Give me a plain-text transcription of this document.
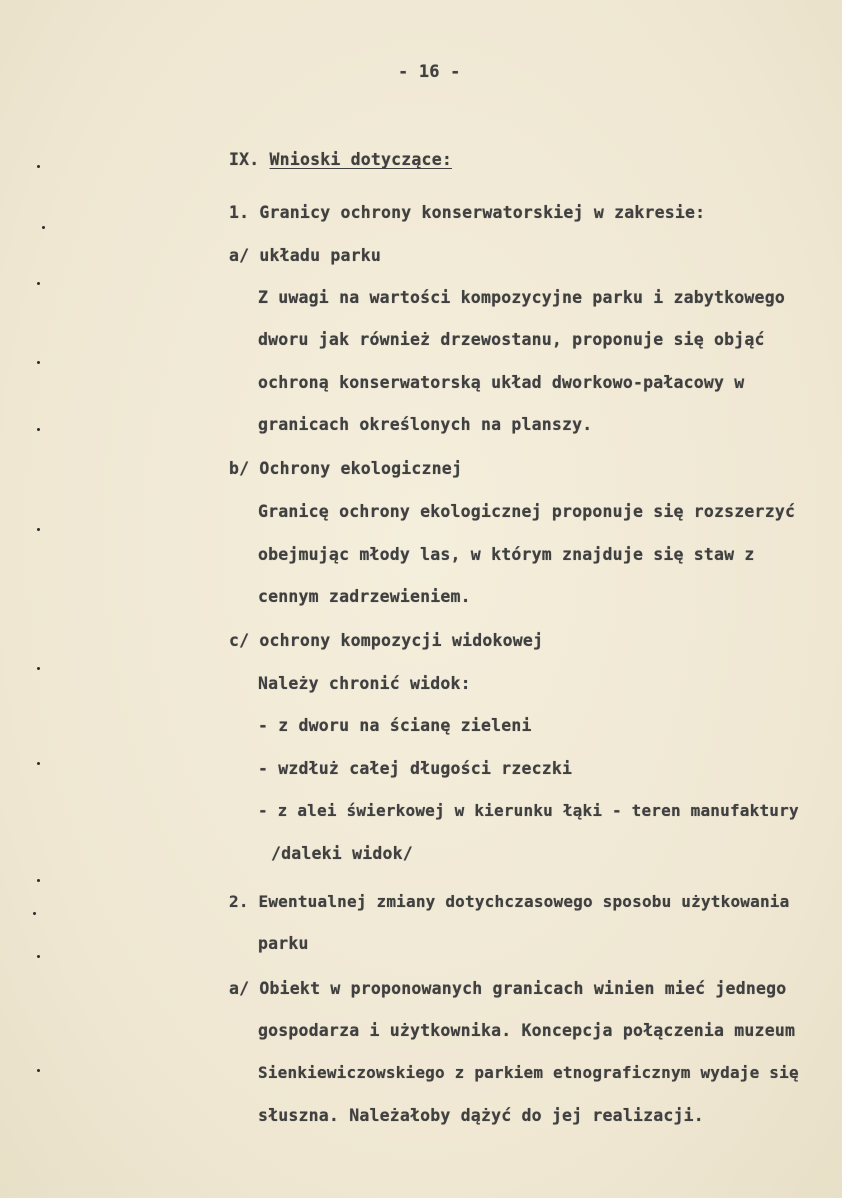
- 16 -
IX. Wnioski dotyczące:
1. Granicy ochrony konserwatorskiej w zakresie:
a/ układu parku
Z uwagi na wartości kompozycyjne parku i zabytkowego
dworu jak również drzewostanu, proponuje się objąć
ochroną konserwatorską układ dworkowo-pałacowy w
granicach określonych na planszy.
b/ Ochrony ekologicznej
Granicę ochrony ekologicznej proponuje się rozszerzyć
obejmując młody las, w którym znajduje się staw z
cennym zadrzewieniem.
c/ ochrony kompozycji widokowej
Należy chronić widok:
- z dworu na ścianę zieleni
- wzdłuż całej długości rzeczki
- z alei świerkowej w kierunku łąki - teren manufaktury
/daleki widok/
2. Ewentualnej zmiany dotychczasowego sposobu użytkowania
parku
a/ Obiekt w proponowanych granicach winien mieć jednego
gospodarza i użytkownika. Koncepcja połączenia muzeum
Sienkiewiczowskiego z parkiem etnograficznym wydaje się
słuszna. Należałoby dążyć do jej realizacji.
